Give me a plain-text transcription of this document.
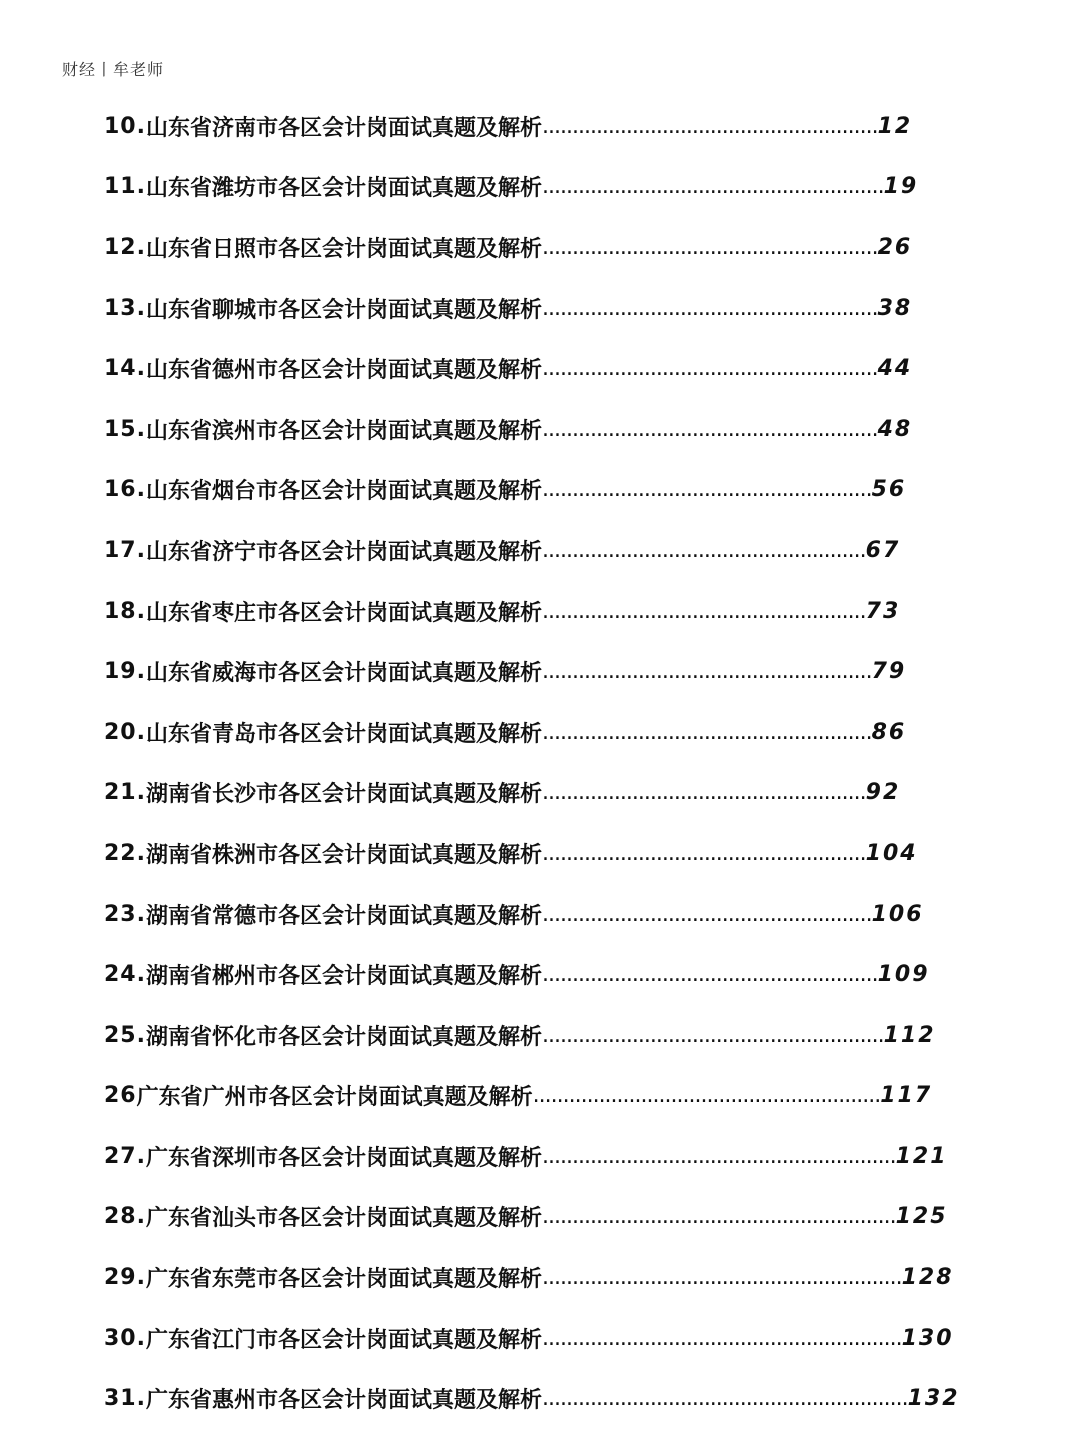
财经丨牟老师
10. 山东省济南市各区会计岗面试真题及解析 ........................................................ 12
11. 山东省潍坊市各区会计岗面试真题及解析 ......................................................... 19
12. 山东省日照市各区会计岗面试真题及解析 ........................................................ 26
13. 山东省聊城市各区会计岗面试真题及解析 ........................................................ 38
14. 山东省德州市各区会计岗面试真题及解析 ........................................................ 44
15. 山东省滨州市各区会计岗面试真题及解析 ........................................................ 48
16. 山东省烟台市各区会计岗面试真题及解析 ....................................................... 56
17. 山东省济宁市各区会计岗面试真题及解析 ...................................................... 67
18. 山东省枣庄市各区会计岗面试真题及解析 ...................................................... 73
19. 山东省威海市各区会计岗面试真题及解析 ....................................................... 79
20. 山东省青岛市各区会计岗面试真题及解析 ....................................................... 86
21. 湖南省长沙市各区会计岗面试真题及解析 ...................................................... 92
22. 湖南省株洲市各区会计岗面试真题及解析 ...................................................... 104
23. 湖南省常德市各区会计岗面试真题及解析 ....................................................... 106
24. 湖南省郴州市各区会计岗面试真题及解析 ........................................................ 109
25. 湖南省怀化市各区会计岗面试真题及解析 ......................................................... 112
26 广东省广州市各区会计岗面试真题及解析 .......................................................... 117
27. 广东省深圳市各区会计岗面试真题及解析 ........................................................... 121
28. 广东省汕头市各区会计岗面试真题及解析 ........................................................... 125
29. 广东省东莞市各区会计岗面试真题及解析 ............................................................ 128
30. 广东省江门市各区会计岗面试真题及解析 ............................................................ 130
31. 广东省惠州市各区会计岗面试真题及解析 ............................................................. 132
